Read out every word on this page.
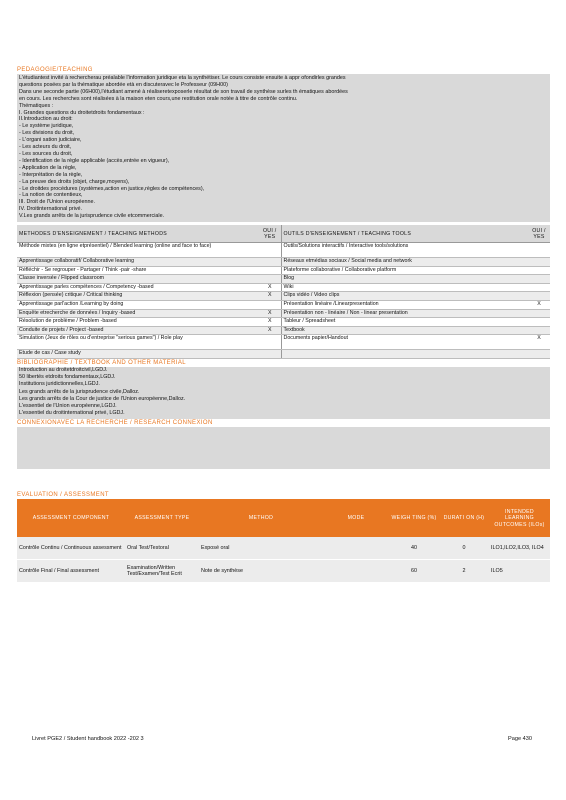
PEDAGOGIE/TEACHING
L'étudiantest invité à rechercherau préalable l'information juridique eta la synthétiser. Le cours consiste ensuite à appr ofondirles grandes
questions posées par la thématique abordée età en discuteravec le Professeur (09H00)
Dans une seconde partie (06H00),l'étudiant amené à réaliseretexposerle résultat de son travail de synthèse surles th ématiques abordées
en cours. Les recherches sont réalisées à la maison eten cours,une restitution orale notée à titre de contrôle continu.
Thématiques :
I. Grandes questions du droitetdroits fondamentaux :
II.Introduction au droit:
- Le système juridique,
- Les divisions du droit,
- L'organi sation judiciaire,
- Les acteurs du droit,
- Les sources du droit,
- Identification de la règle applicable (accès,entrée en vigueur),
- Application de la règle,
- Interprétation de la règle,
- La preuve des droits (objet, charge,moyens),
- Le droitdes procédures (systèmes,action en justice,règles de compétences),
- La notion de contentieux,
III. Droit de l'Union européenne.
IV. Droitinternational privé.
V.Les grands arrêts de la jurisprudence civile etcommerciale.
METHODES D'ENSEIGNEMENT / TEACHING METHODS	OUI / YES	OUTILS D'ENSEIGNEMENT / TEACHING TOOLS	OUI / YES
Méthode mixtes (en ligne etprésentiel) / Blended learning (online and face to face)		Outils/Solutions interactifs / Interactive tools/solutions	
Apprentissage collaboratif/ Collaborative learning		Réseaux etmédias sociaux / Social media and network	
Réfléchir - Se regrouper - Partager / Think -pair -share		Plateforme collaborative / Collaborative platform	
Classe inversée / Flipped classroom		Blog	
Apprentissage parles compétences / Competency -based	X	Wiki	
Réflexion (pensée) critique / Critical thinking	X	Clips vidéo / Video clips	
Apprentissage parl'action /Learning by doing		Présentation linéaire /Linearpresentation	X
Enquête etrecherche de données / Inquiry -based	X	Présentation non - linéaire / Non - linear presentation	
Résolution de problème / Problem -based	X	Tableur / Spreadsheet	
Conduite de projets / Project -based	X	Textbook	
Simulation (Jeux de rôles ou d'entreprise "serious games") / Role play		Documents papier/Handout	X
Etude de cas / Case study			
BIBLIOGRAPHIE / TEXTBOOK AND OTHER MATERIAL
Introduction au droitetdroitcivil,LGDJ.
50 libertés etdroits fondamentaux,LGDJ.
Institutions juridictionnelles,LGDJ.
Les grands arrêts de la jurisprudence civile,Dalloz.
Les grands arrêts de la Cour de justice de l'Union européenne,Dalloz.
L'essentiel de l'Union européenne,LGDJ.
L'essentiel du droitinternational privé, LGDJ.
CONNEXIONAVEC LA RECHERCHE / RESEARCH CONNEXION
EVALUATION / ASSESSMENT
ASSESSMENT COMPONENT	ASSESSMENT TYPE	METHOD	MODE	WEIGH TING (%)	DURATI ON (H)	INTENDED LEARNING OUTCOMES (ILOs)
Contrôle Continu / Continuous assessment	Oral Test/Testoral	Exposé oral		40	0	ILO1,ILO2,ILO3, ILO4
Contrôle Final / Final assessment	Examination/Written Test/Examen/Test Ecrit	Note de synthèse		60	2	ILO5
Livret PGE2 / Student handbook 2022 -202 3	Page 430
